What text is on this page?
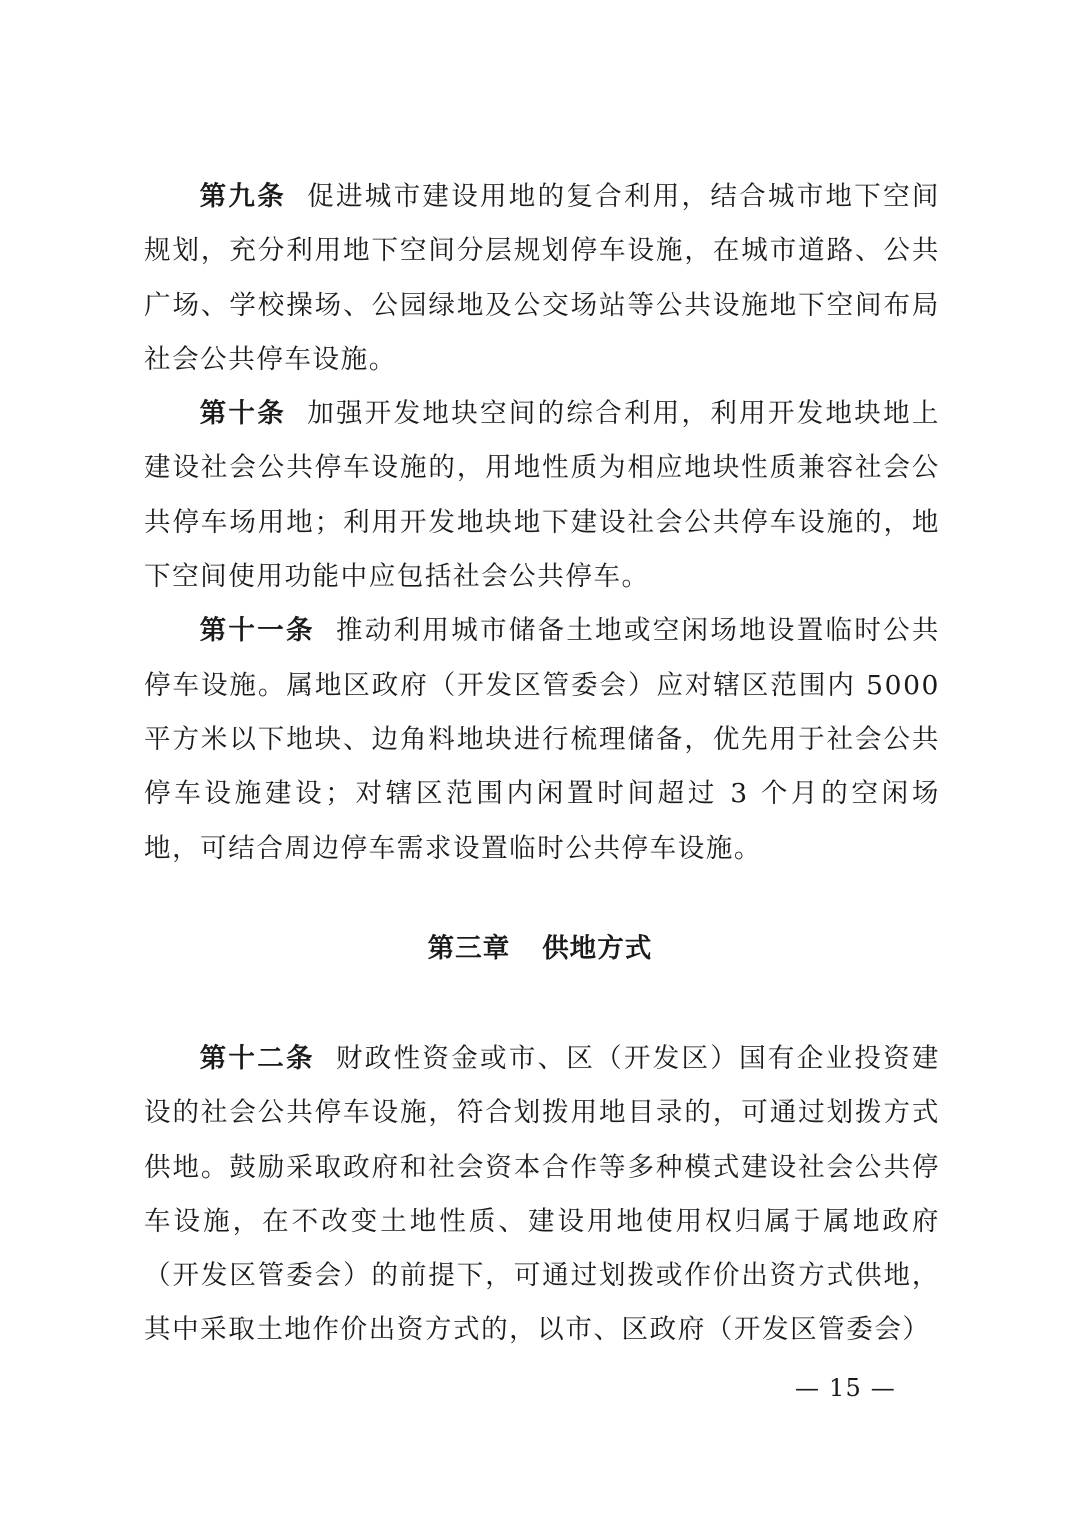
第九条 促进城市建设用地的复合利用，结合城市地下空间规划，充分利用地下空间分层规划停车设施，在城市道路、公共广场、学校操场、公园绿地及公交场站等公共设施地下空间布局社会公共停车设施。

第十条 加强开发地块空间的综合利用，利用开发地块地上建设社会公共停车设施的，用地性质为相应地块性质兼容社会公共停车场用地；利用开发地块地下建设社会公共停车设施的，地下空间使用功能中应包括社会公共停车。

第十一条 推动利用城市储备土地或空闲场地设置临时公共停车设施。属地区政府（开发区管委会）应对辖区范围内 5000 平方米以下地块、边角料地块进行梳理储备，优先用于社会公共停车设施建设；对辖区范围内闲置时间超过 3 个月的空闲场地，可结合周边停车需求设置临时公共停车设施。

第三章 供地方式

第十二条 财政性资金或市、区（开发区）国有企业投资建设的社会公共停车设施，符合划拨用地目录的，可通过划拨方式供地。鼓励采取政府和社会资本合作等多种模式建设社会公共停车设施，在不改变土地性质、建设用地使用权归属于属地政府（开发区管委会）的前提下，可通过划拨或作价出资方式供地，其中采取土地作价出资方式的，以市、区政府（开发区管委会）

— 15 —
